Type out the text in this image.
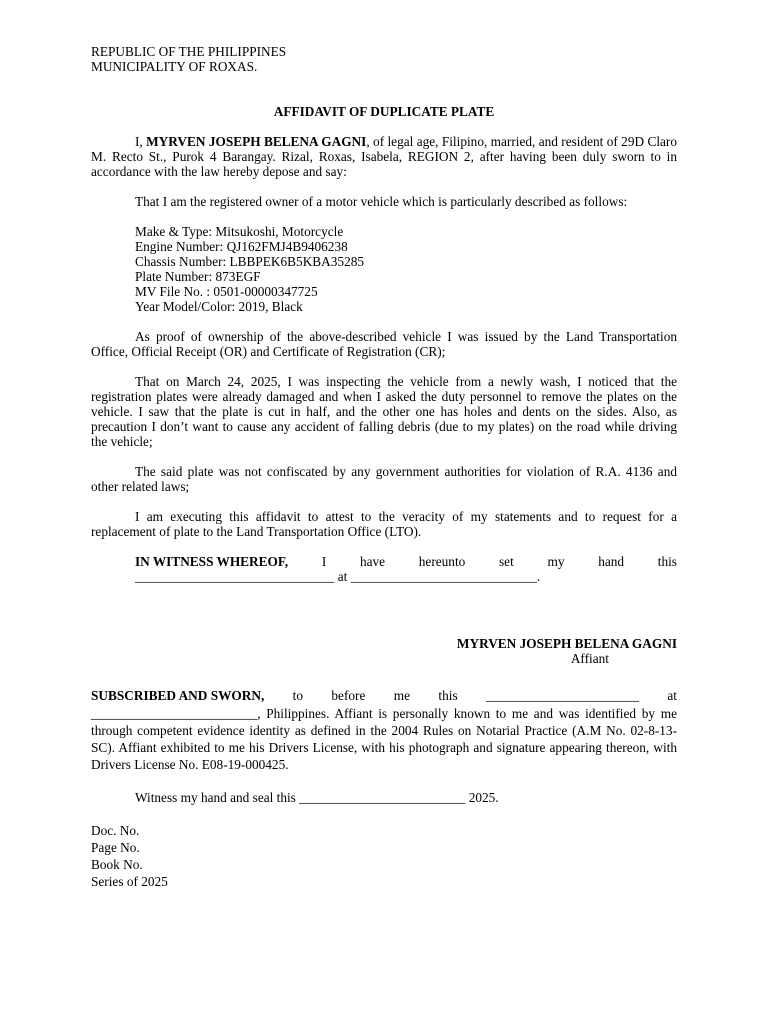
REPUBLIC OF THE PHILIPPINES
MUNICIPALITY OF ROXAS.
AFFIDAVIT OF DUPLICATE PLATE

I, MYRVEN JOSEPH BELENA GAGNI, of legal age, Filipino, married, and resident of 29D Claro M. Recto St., Purok 4 Barangay. Rizal, Roxas, Isabela, REGION 2, after having been duly sworn to in accordance with the law hereby depose and say:

That I am the registered owner of a motor vehicle which is particularly described as follows:

Make & Type: Mitsukoshi, Motorcycle
Engine Number: QJ162FMJ4B9406238
Chassis Number: LBBPEK6B5KBA35285
Plate Number: 873EGF
MV File No. : 0501-00000347725
Year Model/Color: 2019, Black

As proof of ownership of the above-described vehicle I was issued by the Land Transportation Office, Official Receipt (OR) and Certificate of Registration (CR);

That on March 24, 2025, I was inspecting the vehicle from a newly wash, I noticed that the registration plates were already damaged and when I asked the duty personnel to remove the plates on the vehicle. I saw that the plate is cut in half, and the other one has holes and dents on the sides. Also, as precaution I don’t want to cause any accident of falling debris (due to my plates) on the road while driving the vehicle;

The said plate was not confiscated by any government authorities for violation of R.A. 4136 and other related laws;

I am executing this affidavit to attest to the veracity of my statements and to request for a replacement of plate to the Land Transportation Office (LTO).

IN WITNESS WHEREOF,	I	have	hereunto	set	my	hand	this
______________________________ at ____________________________.
MYRVEN JOSEPH BELENA GAGNI
Affiant
SUBSCRIBED AND SWORN, to before me this _______________________ at

_________________________, Philippines. Affiant is personally known to me and was identified by me through competent evidence identity as defined in the 2004 Rules on Notarial Practice (A.M No. 02-8-13-SC). Affiant exhibited to me his Drivers License, with his photograph and signature appearing thereon, with Drivers License No. E08-19-000425.

Witness my hand and seal this _________________________ 2025.

Doc. No.
Page No.
Book No.
Series of 2025
